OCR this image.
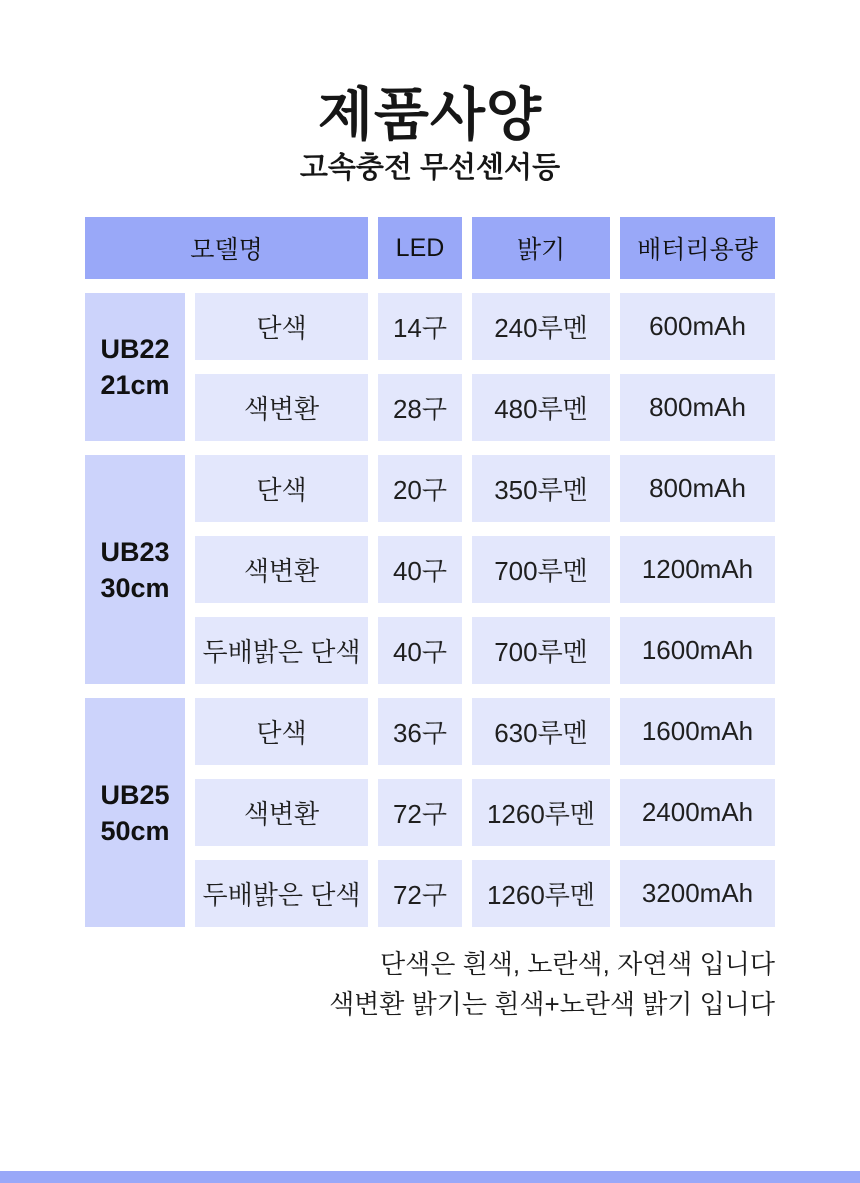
제품사양
고속충전 무선센서등
모델명	LED	밝기	배터리용량
UB22
21cm
단색	14구	240루멘	600mAh
색변환	28구	480루멘	800mAh
UB23
30cm
단색	20구	350루멘	800mAh
색변환	40구	700루멘	1200mAh
두배밝은 단색	40구	700루멘	1600mAh
UB25
50cm
단색	36구	630루멘	1600mAh
색변환	72구	1260루멘	2400mAh
두배밝은 단색	72구	1260루멘	3200mAh
단색은 흰색, 노란색, 자연색 입니다
색변환 밝기는 흰색+노란색 밝기 입니다
